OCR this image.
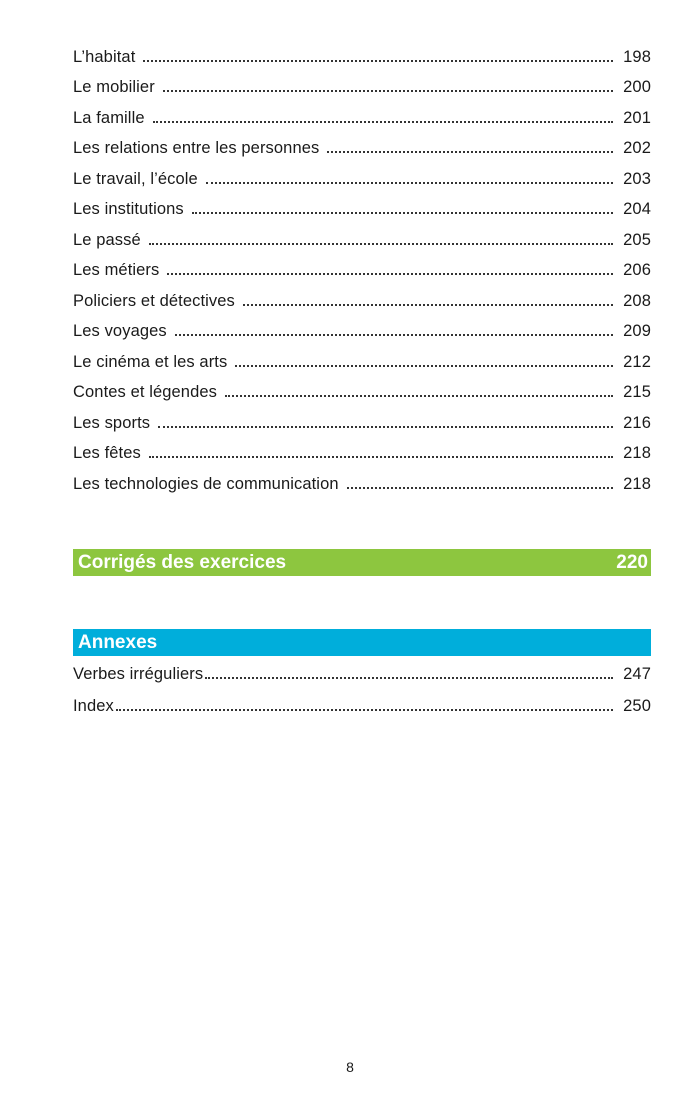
L’habitat	198
Le mobilier	200
La famille	201
Les relations entre les personnes	202
Le travail, l’école	203
Les institutions	204
Le passé	205
Les métiers	206
Policiers et détectives	208
Les voyages	209
Le cinéma et les arts	212
Contes et légendes	215
Les sports	216
Les fêtes	218
Les technologies de communication	218
Corrigés des exercices	220
Annexes
Verbes irréguliers	247
Index	250
8
